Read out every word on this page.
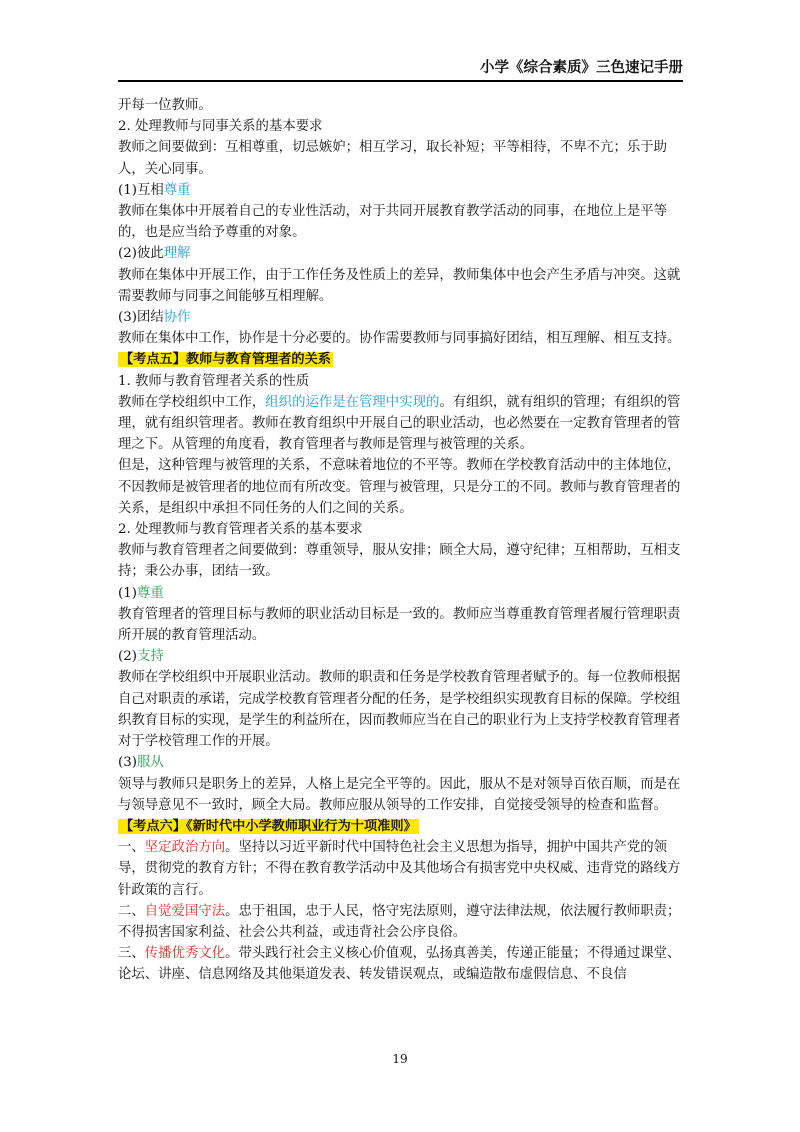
小学《综合素质》三色速记手册

开每一位教师。

2. 处理教师与同事关系的基本要求

教师之间要做到：互相尊重，切忌嫉妒；相互学习，取长补短；平等相待，不卑不亢；乐于助人，关心同事。

(1)互相尊重

教师在集体中开展着自己的专业性活动，对于共同开展教育教学活动的同事，在地位上是平等的，也是应当给予尊重的对象。

(2)彼此理解

教师在集体中开展工作，由于工作任务及性质上的差异，教师集体中也会产生矛盾与冲突。这就需要教师与同事之间能够互相理解。

(3)团结协作

教师在集体中工作，协作是十分必要的。协作需要教师与同事搞好团结，相互理解、相互支持。

【考点五】教师与教育管理者的关系

1. 教师与教育管理者关系的性质

教师在学校组织中工作，组织的运作是在管理中实现的。有组织，就有组织的管理；有组织的管理，就有组织管理者。教师在教育组织中开展自己的职业活动，也必然要在一定教育管理者的管理之下。从管理的角度看，教育管理者与教师是管理与被管理的关系。

但是，这种管理与被管理的关系，不意味着地位的不平等。教师在学校教育活动中的主体地位，不因教师是被管理者的地位而有所改变。管理与被管理，只是分工的不同。教师与教育管理者的关系，是组织中承担不同任务的人们之间的关系。

2. 处理教师与教育管理者关系的基本要求

教师与教育管理者之间要做到：尊重领导，服从安排；顾全大局，遵守纪律；互相帮助，互相支持；秉公办事，团结一致。

(1)尊重

教育管理者的管理目标与教师的职业活动目标是一致的。教师应当尊重教育管理者履行管理职责所开展的教育管理活动。

(2)支持

教师在学校组织中开展职业活动。教师的职责和任务是学校教育管理者赋予的。每一位教师根据自己对职责的承诺，完成学校教育管理者分配的任务，是学校组织实现教育目标的保障。学校组织教育目标的实现，是学生的利益所在，因而教师应当在自己的职业行为上支持学校教育管理者对于学校管理工作的开展。

(3)服从

领导与教师只是职务上的差异，人格上是完全平等的。因此，服从不是对领导百依百顺，而是在与领导意见不一致时，顾全大局。教师应服从领导的工作安排，自觉接受领导的检查和监督。

【考点六】《新时代中小学教师职业行为十项准则》

一、坚定政治方向。坚持以习近平新时代中国特色社会主义思想为指导，拥护中国共产党的领导，贯彻党的教育方针；不得在教育教学活动中及其他场合有损害党中央权威、违背党的路线方针政策的言行。

二、自觉爱国守法。忠于祖国，忠于人民，恪守宪法原则，遵守法律法规，依法履行教师职责；不得损害国家利益、社会公共利益，或违背社会公序良俗。

三、传播优秀文化。带头践行社会主义核心价值观，弘扬真善美，传递正能量；不得通过课堂、论坛、讲座、信息网络及其他渠道发表、转发错误观点，或编造散布虚假信息、不良信

19
